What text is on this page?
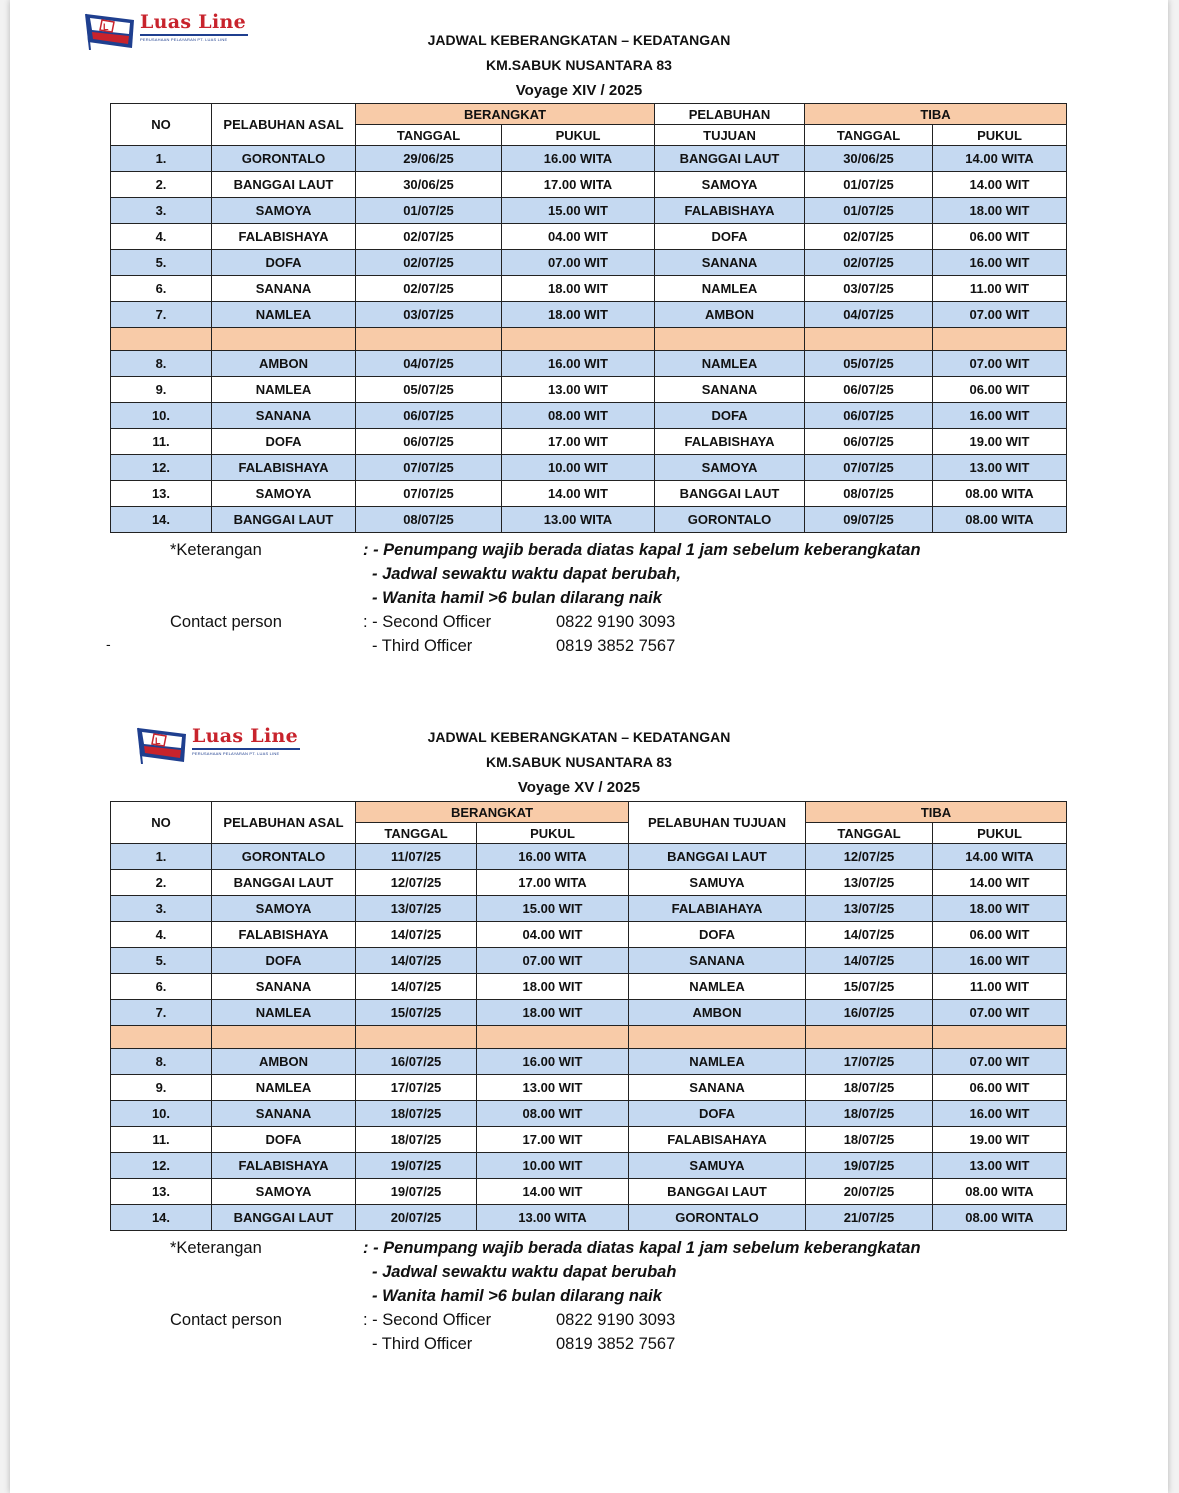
L Luas Line
PERUSAHAAN PELAYARAN PT. LUAS LINE	JADWAL KEBERANGKATAN – KEDATANGAN
KM.SABUK NUSANTARA 83
Voyage XIV / 2025
NO	PELABUHAN ASAL	BERANGKAT		PELABUHAN	TIBA	
		TANGGAL	PUKUL	TUJUAN	TANGGAL	PUKUL
1.	GORONTALO	29/06/25	16.00 WITA	BANGGAI LAUT	30/06/25	14.00 WITA
2.	BANGGAI LAUT	30/06/25	17.00 WITA	SAMOYA	01/07/25	14.00 WIT
3.	SAMOYA	01/07/25	15.00 WIT	FALABISHAYA	01/07/25	18.00 WIT
4.	FALABISHAYA	02/07/25	04.00 WIT	DOFA	02/07/25	06.00 WIT
5.	DOFA	02/07/25	07.00 WIT	SANANA	02/07/25	16.00 WIT
6.	SANANA	02/07/25	18.00 WIT	NAMLEA	03/07/25	11.00 WIT
7.	NAMLEA	03/07/25	18.00 WIT	AMBON	04/07/25	07.00 WIT

8.	AMBON	04/07/25	16.00 WIT	NAMLEA	05/07/25	07.00 WIT
9.	NAMLEA	05/07/25	13.00 WIT	SANANA	06/07/25	06.00 WIT
10.	SANANA	06/07/25	08.00 WIT	DOFA	06/07/25	16.00 WIT
11.	DOFA	06/07/25	17.00 WIT	FALABISHAYA	06/07/25	19.00 WIT
12.	FALABISHAYA	07/07/25	10.00 WIT	SAMOYA	07/07/25	13.00 WIT
13.	SAMOYA	07/07/25	14.00 WIT	BANGGAI LAUT	08/07/25	08.00 WITA
14.	BANGGAI LAUT	08/07/25	13.00 WITA	GORONTALO	09/07/25	08.00 WITA
*Keterangan	: - Penumpang wajib berada diatas kapal 1 jam sebelum keberangkatan
- Jadwal sewaktu waktu dapat berubah,
- Wanita hamil >6 bulan dilarang naik
Contact person	: - Second Officer	0822 9190 3093
- Third Officer	0819 3852 7567
-
L Luas Line
PERUSAHAAN PELAYARAN PT. LUAS LINE
JADWAL KEBERANGKATAN – KEDATANGAN
KM.SABUK NUSANTARA 83
Voyage XV / 2025
NO	PELABUHAN ASAL	BERANGKAT		PELABUHAN TUJUAN	TIBA	
		TANGGAL	PUKUL		TANGGAL	PUKUL
1.	GORONTALO	11/07/25	16.00 WITA	BANGGAI LAUT	12/07/25	14.00 WITA
2.	BANGGAI LAUT	12/07/25	17.00 WITA	SAMUYA	13/07/25	14.00 WIT
3.	SAMOYA	13/07/25	15.00 WIT	FALABIAHAYA	13/07/25	18.00 WIT
4.	FALABISHAYA	14/07/25	04.00 WIT	DOFA	14/07/25	06.00 WIT
5.	DOFA	14/07/25	07.00 WIT	SANANA	14/07/25	16.00 WIT
6.	SANANA	14/07/25	18.00 WIT	NAMLEA	15/07/25	11.00 WIT
7.	NAMLEA	15/07/25	18.00 WIT	AMBON	16/07/25	07.00 WIT

8.	AMBON	16/07/25	16.00 WIT	NAMLEA	17/07/25	07.00 WIT
9.	NAMLEA	17/07/25	13.00 WIT	SANANA	18/07/25	06.00 WIT
10.	SANANA	18/07/25	08.00 WIT	DOFA	18/07/25	16.00 WIT
11.	DOFA	18/07/25	17.00 WIT	FALABISAHAYA	18/07/25	19.00 WIT
12.	FALABISHAYA	19/07/25	10.00 WIT	SAMUYA	19/07/25	13.00 WIT
13.	SAMOYA	19/07/25	14.00 WIT	BANGGAI LAUT	20/07/25	08.00 WITA
14.	BANGGAI LAUT	20/07/25	13.00 WITA	GORONTALO	21/07/25	08.00 WITA
*Keterangan	: - Penumpang wajib berada diatas kapal 1 jam sebelum keberangkatan
- Jadwal sewaktu waktu dapat berubah
- Wanita hamil >6 bulan dilarang naik
Contact person	: - Second Officer	0822 9190 3093
- Third Officer	0819 3852 7567
